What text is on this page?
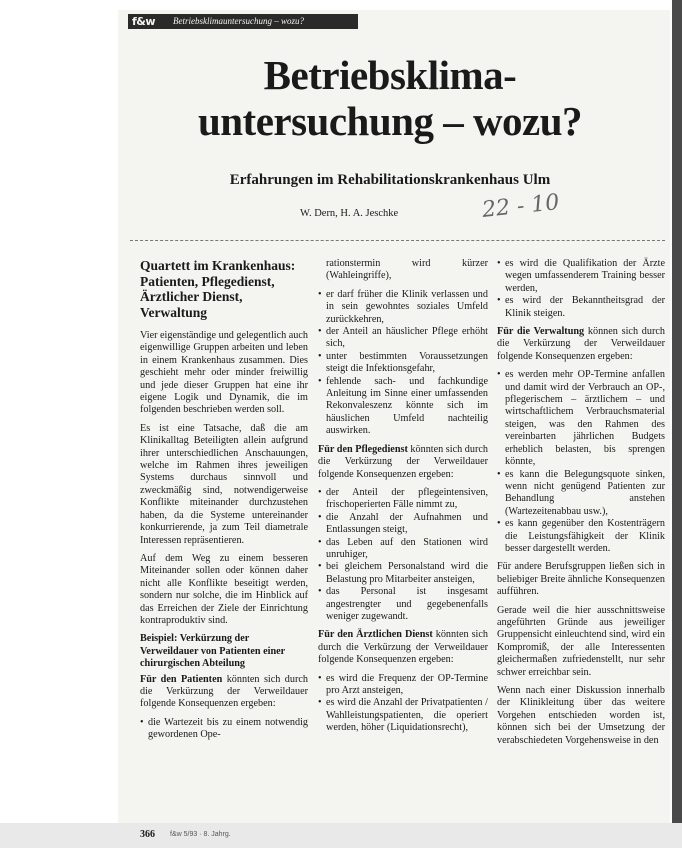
f&w Betriebsklimauntersuchung – wozu?
Betriebsklima-
untersuchung – wozu?
Erfahrungen im Rehabilitationskrankenhaus Ulm
W. Dern, H. A. Jeschke	22 - 10
Quartett im Krankenhaus: Patienten, Pflegedienst, Ärztlicher Dienst, Verwaltung

Vier eigenständige und gelegentlich auch eigenwillige Gruppen arbeiten und leben in einem Krankenhaus zusammen. Dies geschieht mehr oder minder freiwillig und jede dieser Gruppen hat eine ihr eigene Logik und Dynamik, die im folgenden beschrieben werden soll.

Es ist eine Tatsache, daß die am Klinikalltag Beteiligten allein aufgrund ihrer unterschiedlichen Anschauungen, welche im Rahmen ihres jeweiligen Systems durchaus sinnvoll und zweckmäßig sind, notwendigerweise Konflikte miteinander durchzustehen haben, da die Systeme untereinander konkurrierende, ja zum Teil diametrale Interessen repräsentieren.

Auf dem Weg zu einem besseren Miteinander sollen oder können daher nicht alle Konflikte beseitigt werden, sondern nur solche, die im Hinblick auf das Erreichen der Ziele der Einrichtung kontraproduktiv sind.

Beispiel: Verkürzung der Verweildauer von Patienten einer chirurgischen Abteilung

Für den Patienten könnten sich durch die Verkürzung der Verweildauer folgende Konsequenzen ergeben:

• die Wartezeit bis zu einem notwendig gewordenen Ope-
rationstermin wird kürzer (Wahleingriffe),
• er darf früher die Klinik verlassen und in sein gewohntes soziales Umfeld zurückkehren,
• der Anteil an häuslicher Pflege erhöht sich,
• unter bestimmten Voraussetzungen steigt die Infektionsgefahr,
• fehlende sach- und fachkundige Anleitung im Sinne einer umfassenden Rekonvaleszenz könnte sich im häuslichen Umfeld nachteilig auswirken.

Für den Pflegedienst könnten sich durch die Verkürzung der Verweildauer folgende Konsequenzen ergeben:

• der Anteil der pflegeintensiven, frischoperierten Fälle nimmt zu,
• die Anzahl der Aufnahmen und Entlassungen steigt,
• das Leben auf den Stationen wird unruhiger,
• bei gleichem Personalstand wird die Belastung pro Mitarbeiter ansteigen,
• das Personal ist insgesamt angestrengter und gegebenenfalls weniger zugewandt.

Für den Ärztlichen Dienst könnten sich durch die Verkürzung der Verweildauer folgende Konsequenzen ergeben:

• es wird die Frequenz der OP-Termine pro Arzt ansteigen,
• es wird die Anzahl der Privatpatienten / Wahlleistungspatienten, die operiert werden, höher (Liquidationsrecht),
• es wird die Qualifikation der Ärzte wegen umfassenderem Training besser werden,
• es wird der Bekanntheitsgrad der Klinik steigen.

Für die Verwaltung können sich durch die Verkürzung der Verweildauer folgende Konsequenzen ergeben:

• es werden mehr OP-Termine anfallen und damit wird der Verbrauch an OP-, pflegerischem – ärztlichem – und wirtschaftlichem Verbrauchsmaterial steigen, was den Rahmen des vereinbarten jährlichen Budgets erheblich belasten, bis sprengen könnte,
• es kann die Belegungsquote sinken, wenn nicht genügend Patienten zur Behandlung anstehen (Wartezeitenabbau usw.),
• es kann gegenüber den Kostenträgern die Leistungsfähigkeit der Klinik besser dargestellt werden.

Für andere Berufsgruppen ließen sich in beliebiger Breite ähnliche Konsequenzen aufführen.

Gerade weil die hier ausschnittsweise angeführten Gründe aus jeweiliger Gruppensicht einleuchtend sind, wird ein Kompromiß, der alle Interessenten gleichermaßen zufriedenstellt, nur sehr schwer erreichbar sein.

Wenn nach einer Diskussion innerhalb der Klinikleitung über das weitere Vorgehen entschieden worden ist, können sich bei der Umsetzung der verabschiedeten Vorgehensweise in den

366 f&w 5/93 · 8. Jahrg.
